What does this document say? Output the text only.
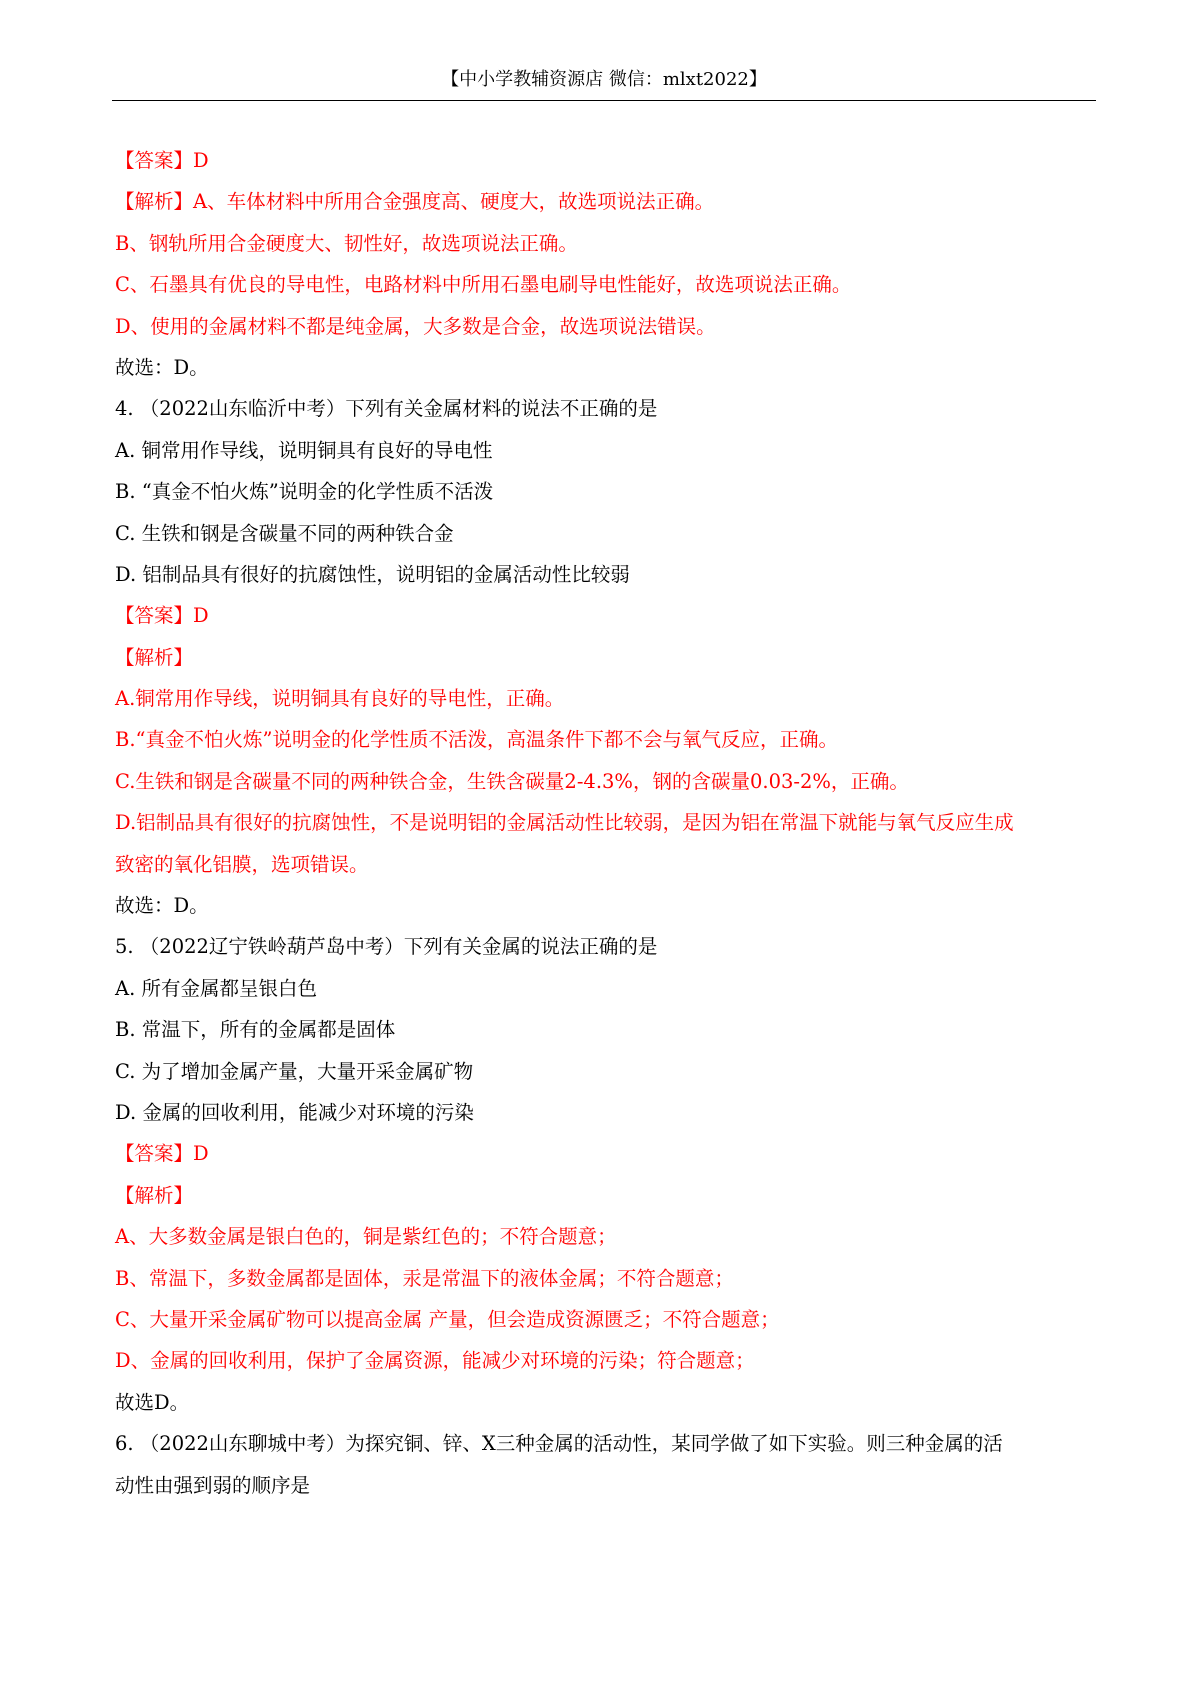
【中小学教辅资源店 微信：mlxt2022】
【答案】D
【解析】A、车体材料中所用合金强度高、硬度大，故选项说法正确。
B、钢轨所用合金硬度大、韧性好，故选项说法正确。
C、石墨具有优良的导电性，电路材料中所用石墨电刷导电性能好，故选项说法正确。
D、使用的金属材料不都是纯金属，大多数是合金，故选项说法错误。
故选：D。
4. （2022山东临沂中考）下列有关金属材料的说法不正确的是
A. 铜常用作导线，说明铜具有良好的导电性
B. “真金不怕火炼”说明金的化学性质不活泼
C. 生铁和钢是含碳量不同的两种铁合金
D. 铝制品具有很好的抗腐蚀性，说明铝的金属活动性比较弱
【答案】D
【解析】
A.铜常用作导线，说明铜具有良好的导电性，正确。
B.“真金不怕火炼”说明金的化学性质不活泼，高温条件下都不会与氧气反应，正确。
C.生铁和钢是含碳量不同的两种铁合金，生铁含碳量2-4.3%，钢的含碳量0.03-2%，正确。
D.铝制品具有很好的抗腐蚀性，不是说明铝的金属活动性比较弱，是因为铝在常温下就能与氧气反应生成
致密的氧化铝膜，选项错误。
故选：D。
5. （2022辽宁铁岭葫芦岛中考）下列有关金属的说法正确的是
A. 所有金属都呈银白色
B. 常温下，所有的金属都是固体
C. 为了增加金属产量，大量开采金属矿物
D. 金属的回收利用，能减少对环境的污染
【答案】D
【解析】
A、大多数金属是银白色的，铜是紫红色的；不符合题意；
B、常温下，多数金属都是固体，汞是常温下的液体金属；不符合题意；
C、大量开采金属矿物可以提高金属 产量，但会造成资源匮乏；不符合题意；
D、金属的回收利用，保护了金属资源，能减少对环境的污染；符合题意；
故选D。
6. （2022山东聊城中考）为探究铜、锌、X三种金属的活动性，某同学做了如下实验。则三种金属的活
动性由强到弱的顺序是
